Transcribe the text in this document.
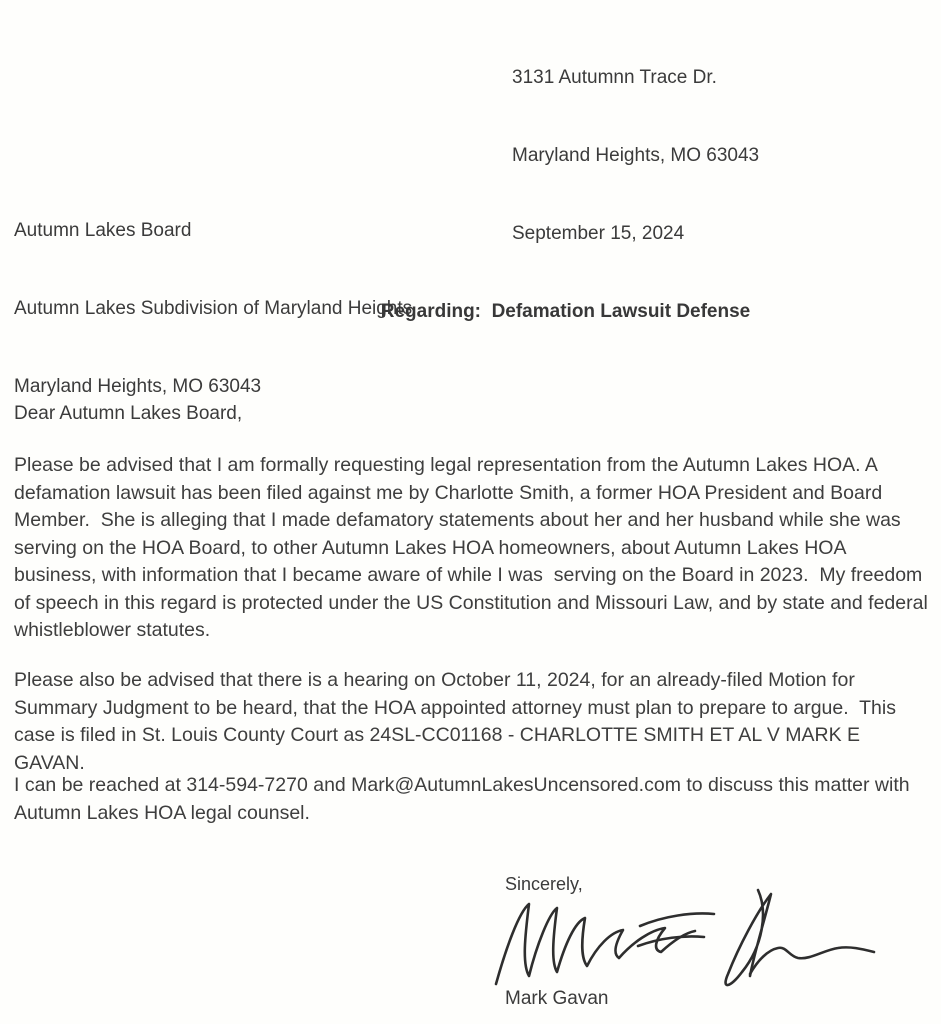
3131 Autumnn Trace Dr.

Maryland Heights, MO 63043

September 15, 2024

Autumn Lakes Board

Autumn Lakes Subdivision of Maryland Heights

Maryland Heights, MO 63043

Regarding:  Defamation Lawsuit Defense
Dear Autumn Lakes Board,
Please be advised that I am formally requesting legal representation from the Autumn Lakes HOA. A defamation lawsuit has been filed against me by Charlotte Smith, a former HOA President and Board Member.  She is alleging that I made defamatory statements about her and her husband while she was serving on the HOA Board, to other Autumn Lakes HOA homeowners, about Autumn Lakes HOA business, with information that I became aware of while I was  serving on the Board in 2023.  My freedom of speech in this regard is protected under the US Constitution and Missouri Law, and by state and federal whistleblower statutes.
Please also be advised that there is a hearing on October 11, 2024, for an already-filed Motion for Summary Judgment to be heard, that the HOA appointed attorney must plan to prepare to argue.  This case is filed in St. Louis County Court as 24SL-CC01168 - CHARLOTTE SMITH ET AL V MARK E GAVAN.
I can be reached at 314-594-7270 and Mark@AutumnLakesUncensored.com to discuss this matter with Autumn Lakes HOA legal counsel.
Sincerely,
Mark Gavan
